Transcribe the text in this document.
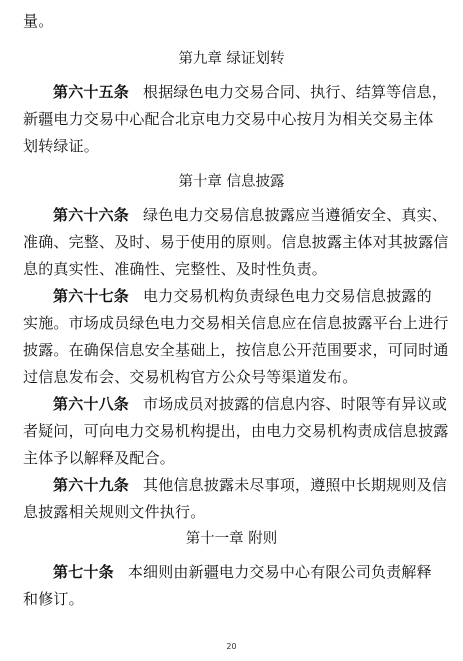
量。

第九章 绿证划转

第六十五条 根据绿色电力交易合同、执行、结算等信息，
新疆电力交易中心配合北京电力交易中心按月为相关交易主体
划转绿证。

第十章 信息披露

第六十六条 绿色电力交易信息披露应当遵循安全、真实、
准确、完整、及时、易于使用的原则。信息披露主体对其披露信
息的真实性、准确性、完整性、及时性负责。

第六十七条 电力交易机构负责绿色电力交易信息披露的
实施。市场成员绿色电力交易相关信息应在信息披露平台上进行
披露。在确保信息安全基础上，按信息公开范围要求，可同时通
过信息发布会、交易机构官方公众号等渠道发布。

第六十八条 市场成员对披露的信息内容、时限等有异议或
者疑问，可向电力交易机构提出，由电力交易机构责成信息披露
主体予以解释及配合。

第六十九条 其他信息披露未尽事项，遵照中长期规则及信
息披露相关规则文件执行。

第十一章 附则

第七十条 本细则由新疆电力交易中心有限公司负责解释
和修订。

20
